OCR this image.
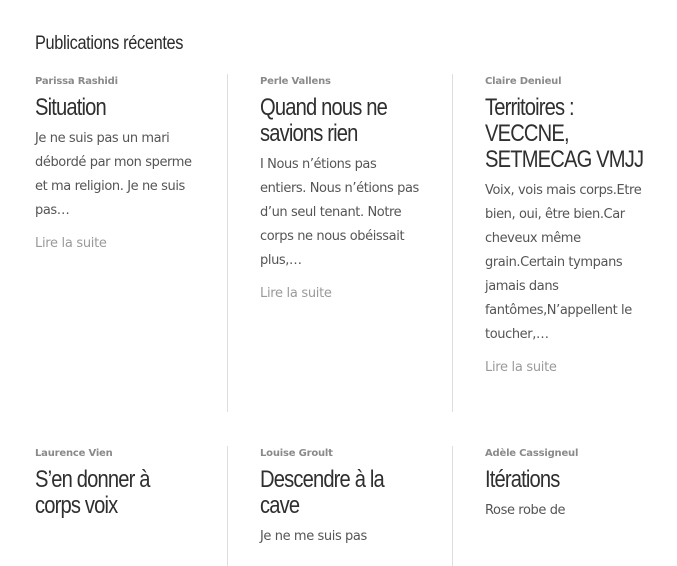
Publications récentes

Parissa Rashidi

Situation

Je ne suis pas un mari débordé par mon sperme et ma religion. Je ne suis pas…

Lire la suite

Perle Vallens

Quand nous ne savions rien

I Nous n’étions pas entiers. Nous n’étions pas d’un seul tenant. Notre corps ne nous obéissait plus,…

Lire la suite

Claire Denieul

Territoires : VECCNE, SETMECAG VMJJ

Voix, vois mais corps.Etre bien, oui, être bien.Car cheveux même grain.Certain tympans jamais dans fantômes,N’appellent le toucher,…

Lire la suite

Laurence Vien

S’en donner à corps voix

Louise Groult

Descendre à la cave

Je ne me suis pas

Adèle Cassigneul

Itérations

Rose robe de
